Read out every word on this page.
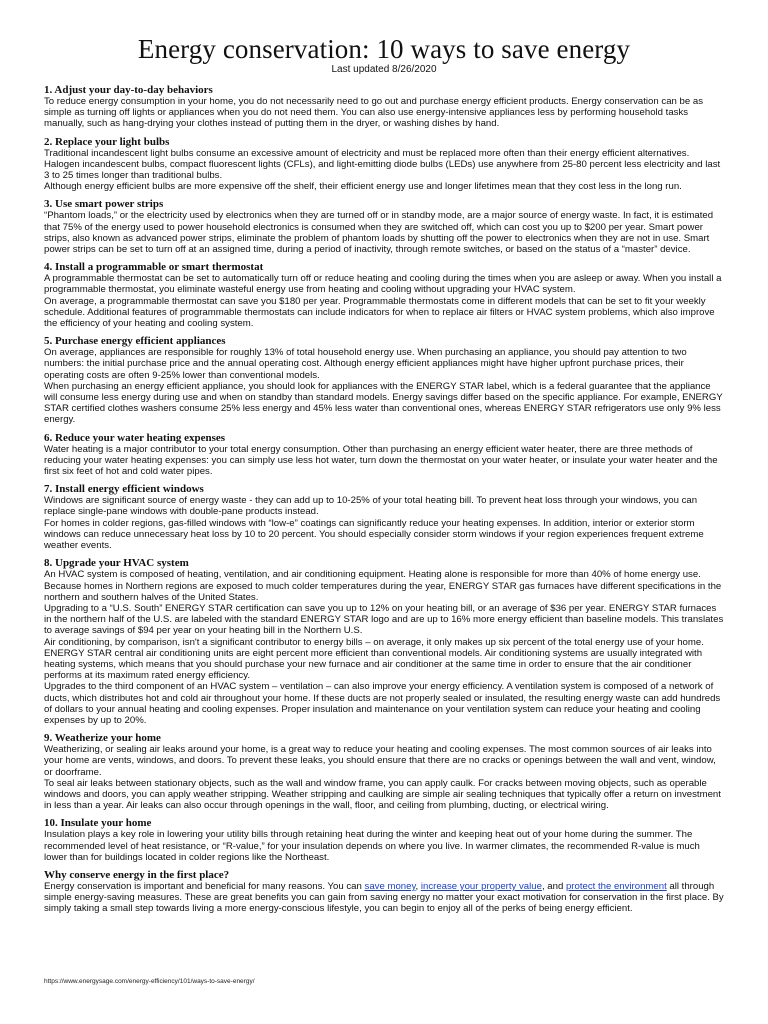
Energy conservation: 10 ways to save energy
Last updated 8/26/2020
1. Adjust your day-to-day behaviors

To reduce energy consumption in your home, you do not necessarily need to go out and purchase energy efficient products. Energy conservation can be as simple as turning off lights or appliances when you do not need them. You can also use energy-intensive appliances less by performing household tasks manually, such as hang-drying your clothes instead of putting them in the dryer, or washing dishes by hand.

2. Replace your light bulbs

Traditional incandescent light bulbs consume an excessive amount of electricity and must be replaced more often than their energy efficient alternatives. Halogen incandescent bulbs, compact fluorescent lights (CFLs), and light-emitting diode bulbs (LEDs) use anywhere from 25-80 percent less electricity and last 3 to 25 times longer than traditional bulbs.

Although energy efficient bulbs are more expensive off the shelf, their efficient energy use and longer lifetimes mean that they cost less in the long run.

3. Use smart power strips

“Phantom loads,” or the electricity used by electronics when they are turned off or in standby mode, are a major source of energy waste. In fact, it is estimated that 75% of the energy used to power household electronics is consumed when they are switched off, which can cost you up to $200 per year. Smart power strips, also known as advanced power strips, eliminate the problem of phantom loads by shutting off the power to electronics when they are not in use. Smart power strips can be set to turn off at an assigned time, during a period of inactivity, through remote switches, or based on the status of a “master” device.

4. Install a programmable or smart thermostat

A programmable thermostat can be set to automatically turn off or reduce heating and cooling during the times when you are asleep or away. When you install a programmable thermostat, you eliminate wasteful energy use from heating and cooling without upgrading your HVAC system.

On average, a programmable thermostat can save you $180 per year. Programmable thermostats come in different models that can be set to fit your weekly schedule. Additional features of programmable thermostats can include indicators for when to replace air filters or HVAC system problems, which also improve the efficiency of your heating and cooling system.

5. Purchase energy efficient appliances

On average, appliances are responsible for roughly 13% of total household energy use. When purchasing an appliance, you should pay attention to two numbers: the initial purchase price and the annual operating cost. Although energy efficient appliances might have higher upfront purchase prices, their operating costs are often 9-25% lower than conventional models.

When purchasing an energy efficient appliance, you should look for appliances with the ENERGY STAR label, which is a federal guarantee that the appliance will consume less energy during use and when on standby than standard models. Energy savings differ based on the specific appliance. For example, ENERGY STAR certified clothes washers consume 25% less energy and 45% less water than conventional ones, whereas ENERGY STAR refrigerators use only 9% less energy.

6. Reduce your water heating expenses

Water heating is a major contributor to your total energy consumption. Other than purchasing an energy efficient water heater, there are three methods of reducing your water heating expenses: you can simply use less hot water, turn down the thermostat on your water heater, or insulate your water heater and the first six feet of hot and cold water pipes.

7. Install energy efficient windows

Windows are significant source of energy waste - they can add up to 10-25% of your total heating bill. To prevent heat loss through your windows, you can replace single-pane windows with double-pane products instead.

For homes in colder regions, gas-filled windows with “low-e” coatings can significantly reduce your heating expenses. In addition, interior or exterior storm windows can reduce unnecessary heat loss by 10 to 20 percent. You should especially consider storm windows if your region experiences frequent extreme weather events.

8. Upgrade your HVAC system

An HVAC system is composed of heating, ventilation, and air conditioning equipment. Heating alone is responsible for more than 40% of home energy use. Because homes in Northern regions are exposed to much colder temperatures during the year, ENERGY STAR gas furnaces have different specifications in the northern and southern halves of the United States.

Upgrading to a “U.S. South” ENERGY STAR certification can save you up to 12% on your heating bill, or an average of $36 per year. ENERGY STAR furnaces in the northern half of the U.S. are labeled with the standard ENERGY STAR logo and are up to 16% more energy efficient than baseline models. This translates to average savings of $94 per year on your heating bill in the Northern U.S.

Air conditioning, by comparison, isn't a significant contributor to energy bills – on average, it only makes up six percent of the total energy use of your home. ENERGY STAR central air conditioning units are eight percent more efficient than conventional models. Air conditioning systems are usually integrated with heating systems, which means that you should purchase your new furnace and air conditioner at the same time in order to ensure that the air conditioner performs at its maximum rated energy efficiency.

Upgrades to the third component of an HVAC system – ventilation – can also improve your energy efficiency. A ventilation system is composed of a network of ducts, which distributes hot and cold air throughout your home. If these ducts are not properly sealed or insulated, the resulting energy waste can add hundreds of dollars to your annual heating and cooling expenses. Proper insulation and maintenance on your ventilation system can reduce your heating and cooling expenses by up to 20%.

9. Weatherize your home

Weatherizing, or sealing air leaks around your home, is a great way to reduce your heating and cooling expenses. The most common sources of air leaks into your home are vents, windows, and doors. To prevent these leaks, you should ensure that there are no cracks or openings between the wall and vent, window, or doorframe.

To seal air leaks between stationary objects, such as the wall and window frame, you can apply caulk. For cracks between moving objects, such as operable windows and doors, you can apply weather stripping. Weather stripping and caulking are simple air sealing techniques that typically offer a return on investment in less than a year. Air leaks can also occur through openings in the wall, floor, and ceiling from plumbing, ducting, or electrical wiring.

10. Insulate your home

Insulation plays a key role in lowering your utility bills through retaining heat during the winter and keeping heat out of your home during the summer. The recommended level of heat resistance, or “R-value,” for your insulation depends on where you live. In warmer climates, the recommended R-value is much lower than for buildings located in colder regions like the Northeast.

Why conserve energy in the first place?

Energy conservation is important and beneficial for many reasons. You can save money, increase your property value, and protect the environment all through simple energy-saving measures. These are great benefits you can gain from saving energy no matter your exact motivation for conservation in the first place. By simply taking a small step towards living a more energy-conscious lifestyle, you can begin to enjoy all of the perks of being energy efficient.

https://www.energysage.com/energy-efficiency/101/ways-to-save-energy/
